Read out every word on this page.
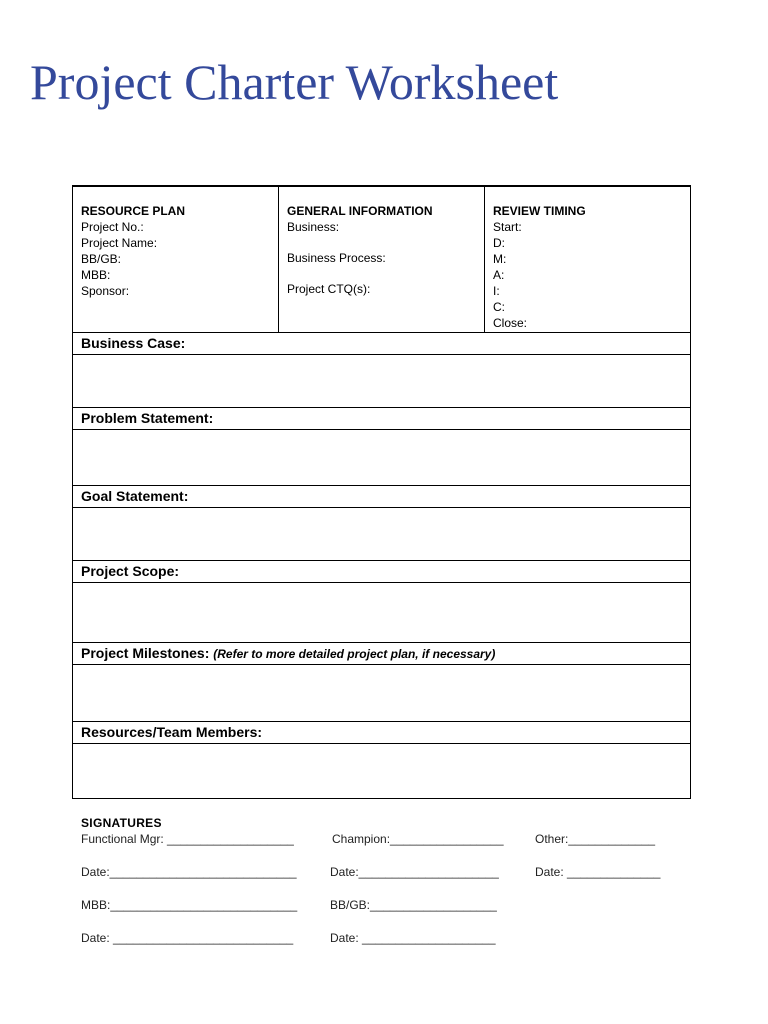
Project Charter Worksheet
RESOURCE PLAN
Project No.:
Project Name:
BB/GB:
MBB:
Sponsor:
GENERAL INFORMATION
Business:
Business Process:
Project CTQ(s):
REVIEW TIMING
Start:
D:
M:
A:
I:
C:
Close:
Business Case:
Problem Statement:
Goal Statement:
Project Scope:
Project Milestones: (Refer to more detailed project plan, if necessary)
Resources/Team Members:
SIGNATURES
Functional Mgr: ___________________	Champion:_________________	Other:_____________
Date:____________________________	Date:_____________________	Date: ______________
MBB:____________________________	BB/GB:___________________
Date: ___________________________	Date: ____________________
